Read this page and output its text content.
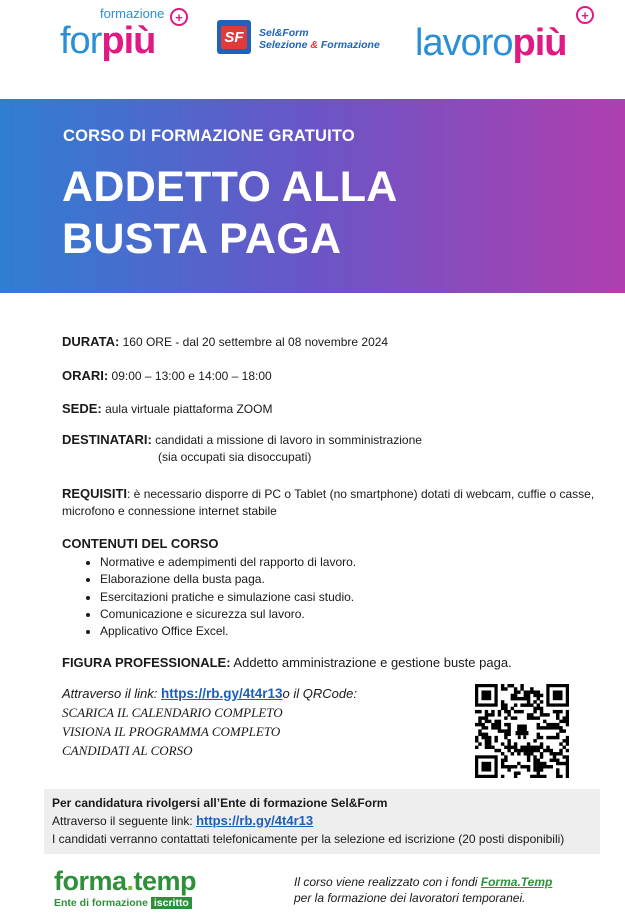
formazione
forpiù
+
SF Sel&Form
Selezione & Formazione lavoropiù
+
CORSO DI FORMAZIONE GRATUITO
ADDETTO ALLA
BUSTA PAGA
DURATA: 160 ORE - dal 20 settembre al 08 novembre 2024
ORARI: 09:00 – 13:00 e 14:00 – 18:00
SEDE: aula virtuale piattaforma ZOOM
DESTINATARI: candidati a missione di lavoro in somministrazione
(sia occupati sia disoccupati)
REQUISITI: è necessario disporre di PC o Tablet (no smartphone) dotati di webcam, cuffie o casse, microfono e connessione internet stabile
CONTENUTI DEL CORSO
• Normative e adempimenti del rapporto di lavoro.
• Elaborazione della busta paga.
• Esercitazioni pratiche e simulazione casi studio.
• Comunicazione e sicurezza sul lavoro.
• Applicativo Office Excel.
FIGURA PROFESSIONALE: Addetto amministrazione e gestione buste paga.
Attraverso il link: https://rb.gy/4t4r13o il QRCode:
SCARICA IL CALENDARIO COMPLETO
VISIONA IL PROGRAMMA COMPLETO
CANDIDATI AL CORSO
Per candidatura rivolgersi all’Ente di formazione Sel&Form
Attraverso il seguente link: https://rb.gy/4t4r13
I candidati verranno contattati telefonicamente per la selezione ed iscrizione (20 posti disponibili)
forma.temp
Ente di formazione iscritto
Il corso viene realizzato con i fondi Forma.Temp
per la formazione dei lavoratori temporanei.
